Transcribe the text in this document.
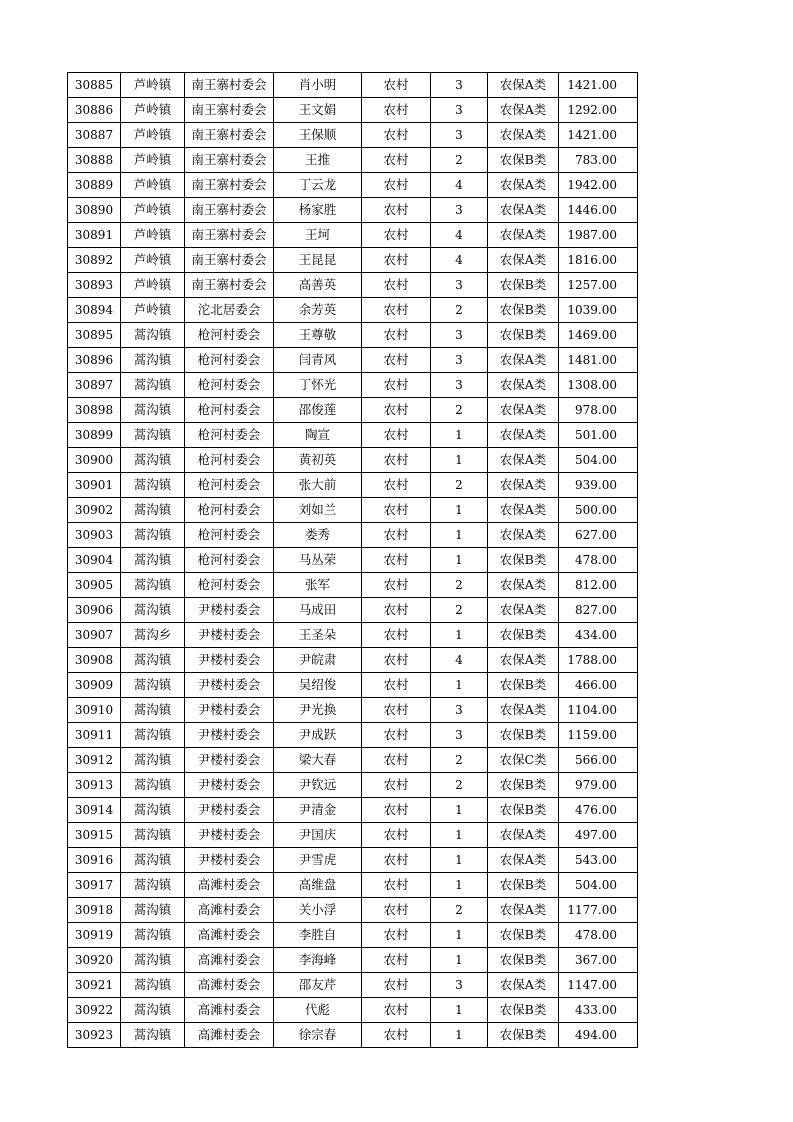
30885	芦岭镇	南王寨村委会	肖小明	农村	3	农保A类	1421.00
30886	芦岭镇	南王寨村委会	王文娟	农村	3	农保A类	1292.00
30887	芦岭镇	南王寨村委会	王保顺	农村	3	农保A类	1421.00
30888	芦岭镇	南王寨村委会	王推	农村	2	农保B类	783.00
30889	芦岭镇	南王寨村委会	丁云龙	农村	4	农保A类	1942.00
30890	芦岭镇	南王寨村委会	杨家胜	农村	3	农保A类	1446.00
30891	芦岭镇	南王寨村委会	王坷	农村	4	农保A类	1987.00
30892	芦岭镇	南王寨村委会	王昆昆	农村	4	农保A类	1816.00
30893	芦岭镇	南王寨村委会	高善英	农村	3	农保B类	1257.00
30894	芦岭镇	沱北居委会	余芳英	农村	2	农保B类	1039.00
30895	蒿沟镇	枪河村委会	王尊敬	农村	3	农保B类	1469.00
30896	蒿沟镇	枪河村委会	闫青风	农村	3	农保A类	1481.00
30897	蒿沟镇	枪河村委会	丁怀光	农村	3	农保A类	1308.00
30898	蒿沟镇	枪河村委会	邵俊莲	农村	2	农保A类	978.00
30899	蒿沟镇	枪河村委会	陶宣	农村	1	农保A类	501.00
30900	蒿沟镇	枪河村委会	黄初英	农村	1	农保A类	504.00
30901	蒿沟镇	枪河村委会	张大前	农村	2	农保A类	939.00
30902	蒿沟镇	枪河村委会	刘如兰	农村	1	农保A类	500.00
30903	蒿沟镇	枪河村委会	娄秀	农村	1	农保A类	627.00
30904	蒿沟镇	枪河村委会	马丛荣	农村	1	农保B类	478.00
30905	蒿沟镇	枪河村委会	张军	农村	2	农保A类	812.00
30906	蒿沟镇	尹楼村委会	马成田	农村	2	农保A类	827.00
30907	蒿沟乡	尹楼村委会	王圣朵	农村	1	农保B类	434.00
30908	蒿沟镇	尹楼村委会	尹皖肃	农村	4	农保A类	1788.00
30909	蒿沟镇	尹楼村委会	吴绍俊	农村	1	农保B类	466.00
30910	蒿沟镇	尹楼村委会	尹光换	农村	3	农保A类	1104.00
30911	蒿沟镇	尹楼村委会	尹成跃	农村	3	农保B类	1159.00
30912	蒿沟镇	尹楼村委会	梁大春	农村	2	农保C类	566.00
30913	蒿沟镇	尹楼村委会	尹钦远	农村	2	农保B类	979.00
30914	蒿沟镇	尹楼村委会	尹清金	农村	1	农保B类	476.00
30915	蒿沟镇	尹楼村委会	尹国庆	农村	1	农保A类	497.00
30916	蒿沟镇	尹楼村委会	尹雪虎	农村	1	农保A类	543.00
30917	蒿沟镇	高滩村委会	高维盘	农村	1	农保B类	504.00
30918	蒿沟镇	高滩村委会	关小浮	农村	2	农保A类	1177.00
30919	蒿沟镇	高滩村委会	李胜自	农村	1	农保B类	478.00
30920	蒿沟镇	高滩村委会	李海峰	农村	1	农保B类	367.00
30921	蒿沟镇	高滩村委会	邵友芹	农村	3	农保A类	1147.00
30922	蒿沟镇	高滩村委会	代彪	农村	1	农保B类	433.00
30923	蒿沟镇	高滩村委会	徐宗春	农村	1	农保B类	494.00
